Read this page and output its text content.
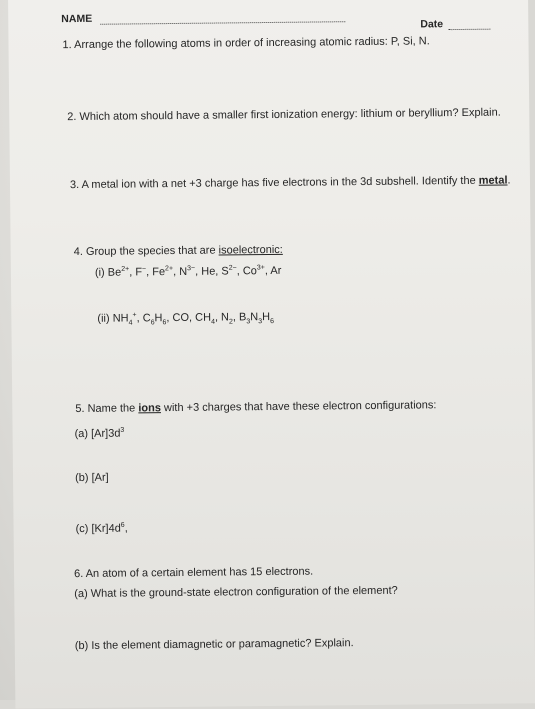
NAME	Date
1. Arrange the following atoms in order of increasing atomic radius: P, Si, N.
2. Which atom should have a smaller first ionization energy: lithium or beryllium? Explain.
3. A metal ion with a net +3 charge has five electrons in the 3d subshell. Identify the metal.
4. Group the species that are isoelectronic:
(i) $Be^{2+}$, F−, $Fe^{2+}$, $N^{3-}$, He, $S^{2-}$, $Co^{3+}$, Ar
(ii) $NH_4^+$, $C_6H_6$, CO, $CH_4$, $N_2$, $B_3N_3H_6$
5. Name the ions with +3 charges that have these electron configurations:
(a) $[Ar]3d^3$
(b) [Ar]
(c) $[Kr]4d^6$,
6. An atom of a certain element has 15 electrons.
(a) What is the ground-state electron configuration of the element?
(b) Is the element diamagnetic or paramagnetic? Explain.
